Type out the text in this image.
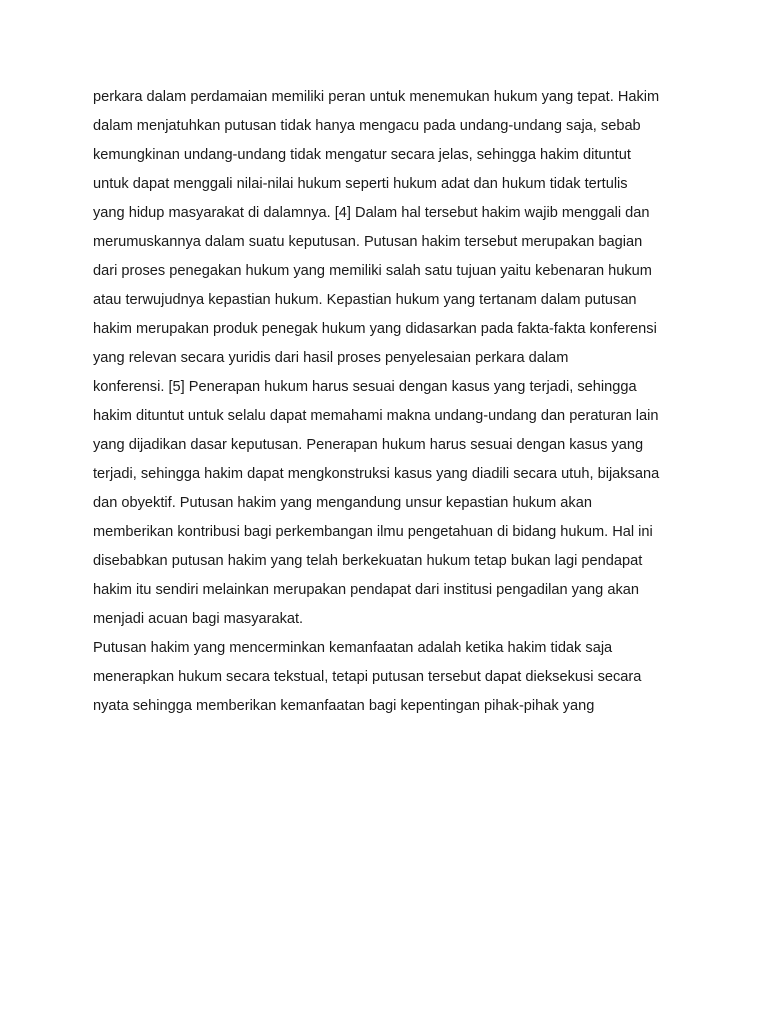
perkara dalam perdamaian memiliki peran untuk menemukan hukum yang tepat. Hakim

dalam menjatuhkan putusan tidak hanya mengacu pada undang-undang saja, sebab

kemungkinan undang-undang tidak mengatur secara jelas, sehingga hakim dituntut

untuk dapat menggali nilai-nilai hukum seperti hukum adat dan hukum tidak tertulis

yang hidup masyarakat di dalamnya. [4] Dalam hal tersebut hakim wajib menggali dan

merumuskannya dalam suatu keputusan. Putusan hakim tersebut merupakan bagian

dari proses penegakan hukum yang memiliki salah satu tujuan yaitu kebenaran hukum

atau terwujudnya kepastian hukum. Kepastian hukum yang tertanam dalam putusan

hakim merupakan produk penegak hukum yang didasarkan pada fakta-fakta konferensi

yang relevan secara yuridis dari hasil proses penyelesaian perkara dalam

konferensi. [5] Penerapan hukum harus sesuai dengan kasus yang terjadi, sehingga

hakim dituntut untuk selalu dapat memahami makna undang-undang dan peraturan lain

yang dijadikan dasar keputusan. Penerapan hukum harus sesuai dengan kasus yang

terjadi, sehingga hakim dapat mengkonstruksi kasus yang diadili secara utuh, bijaksana

dan obyektif. Putusan hakim yang mengandung unsur kepastian hukum akan

memberikan kontribusi bagi perkembangan ilmu pengetahuan di bidang hukum. Hal ini

disebabkan putusan hakim yang telah berkekuatan hukum tetap bukan lagi pendapat

hakim itu sendiri melainkan merupakan pendapat dari institusi pengadilan yang akan

menjadi acuan bagi masyarakat.

Putusan hakim yang mencerminkan kemanfaatan adalah ketika hakim tidak saja

menerapkan hukum secara tekstual, tetapi putusan tersebut dapat dieksekusi secara

nyata sehingga memberikan kemanfaatan bagi kepentingan pihak-pihak yang
